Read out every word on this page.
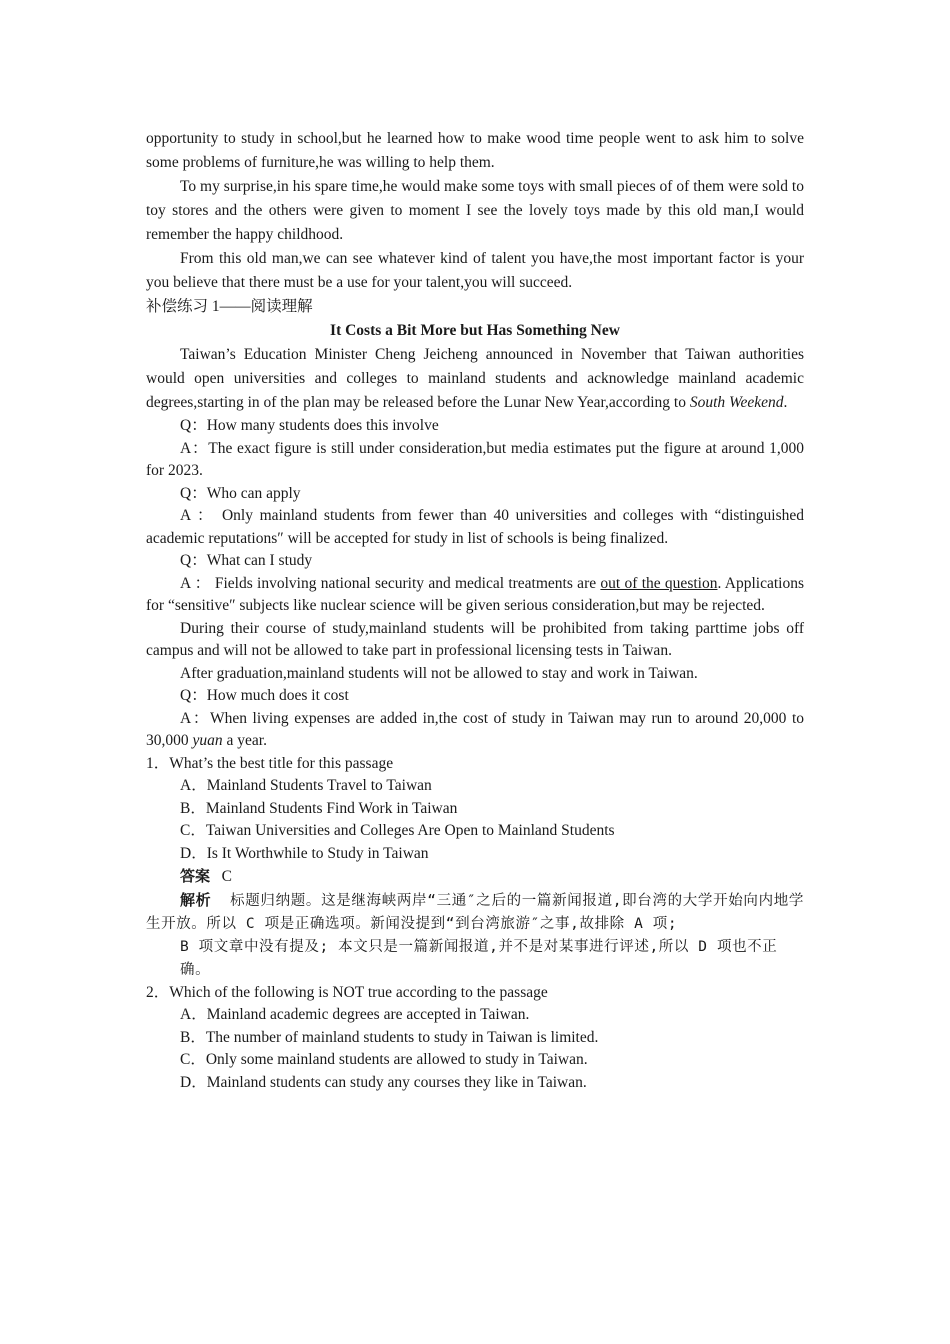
opportunity to study in school,but he learned how to make wood time people went to ask him to solve some problems of furniture,he was willing to help them.

To my surprise,in his spare time,he would make some toys with small pieces of of them were sold to toy stores and the others were given to moment I see the lovely toys made by this old man,I would remember the happy childhood.

From this old man,we can see whatever kind of talent you have,the most important factor is your you believe that there must be a use for your talent,you will succeed.

补偿练习 1——阅读理解

It Costs a Bit More but Has Something New

Taiwan’s Education Minister Cheng Jeicheng announced in November that Taiwan authorities would open universities and colleges to mainland students and acknowledge mainland academic degrees,starting in of the plan may be released before the Lunar New Year,according to South Weekend.

Q：How many students does this involve

A：The exact figure is still under consideration,but media estimates put the figure at around 1,000 for 2023.

Q：Who can apply

A ： Only mainland students from fewer than 40 universities and colleges with “distinguished academic reputations″ will be accepted for study in list of schools is being finalized.

Q：What can I study

A ： Fields involving national security and medical treatments are out of the question. Applications for “sensitive″ subjects like nuclear science will be given serious consideration,but may be rejected.

During their course of study,mainland students will be prohibited from taking parttime jobs off campus and will not be allowed to take part in professional licensing tests in Taiwan.

After graduation,mainland students will not be allowed to stay and work in Taiwan.

Q：How much does it cost

A：When living expenses are added in,the cost of study in Taiwan may run to around 20,000 to 30,000 yuan a year.

1．What’s the best title for this passage

A．Mainland Students Travel to Taiwan

B．Mainland Students Find Work in Taiwan

C．Taiwan Universities and Colleges Are Open to Mainland Students

D．Is It Worthwhile to Study in Taiwan

答案 C

解析 标题归纳题。这是继海峡两岸“三通″之后的一篇新闻报道,即台湾的大学开始向内地学生开放。所以 C 项是正确选项。新闻没提到“到台湾旅游″之事,故排除 A 项;

B 项文章中没有提及; 本文只是一篇新闻报道,并不是对某事进行评述,所以 D 项也不正

确。

2．Which of the following is NOT true according to the passage

A．Mainland academic degrees are accepted in Taiwan.

B．The number of mainland students to study in Taiwan is limited.

C．Only some mainland students are allowed to study in Taiwan.

D．Mainland students can study any courses they like in Taiwan.
